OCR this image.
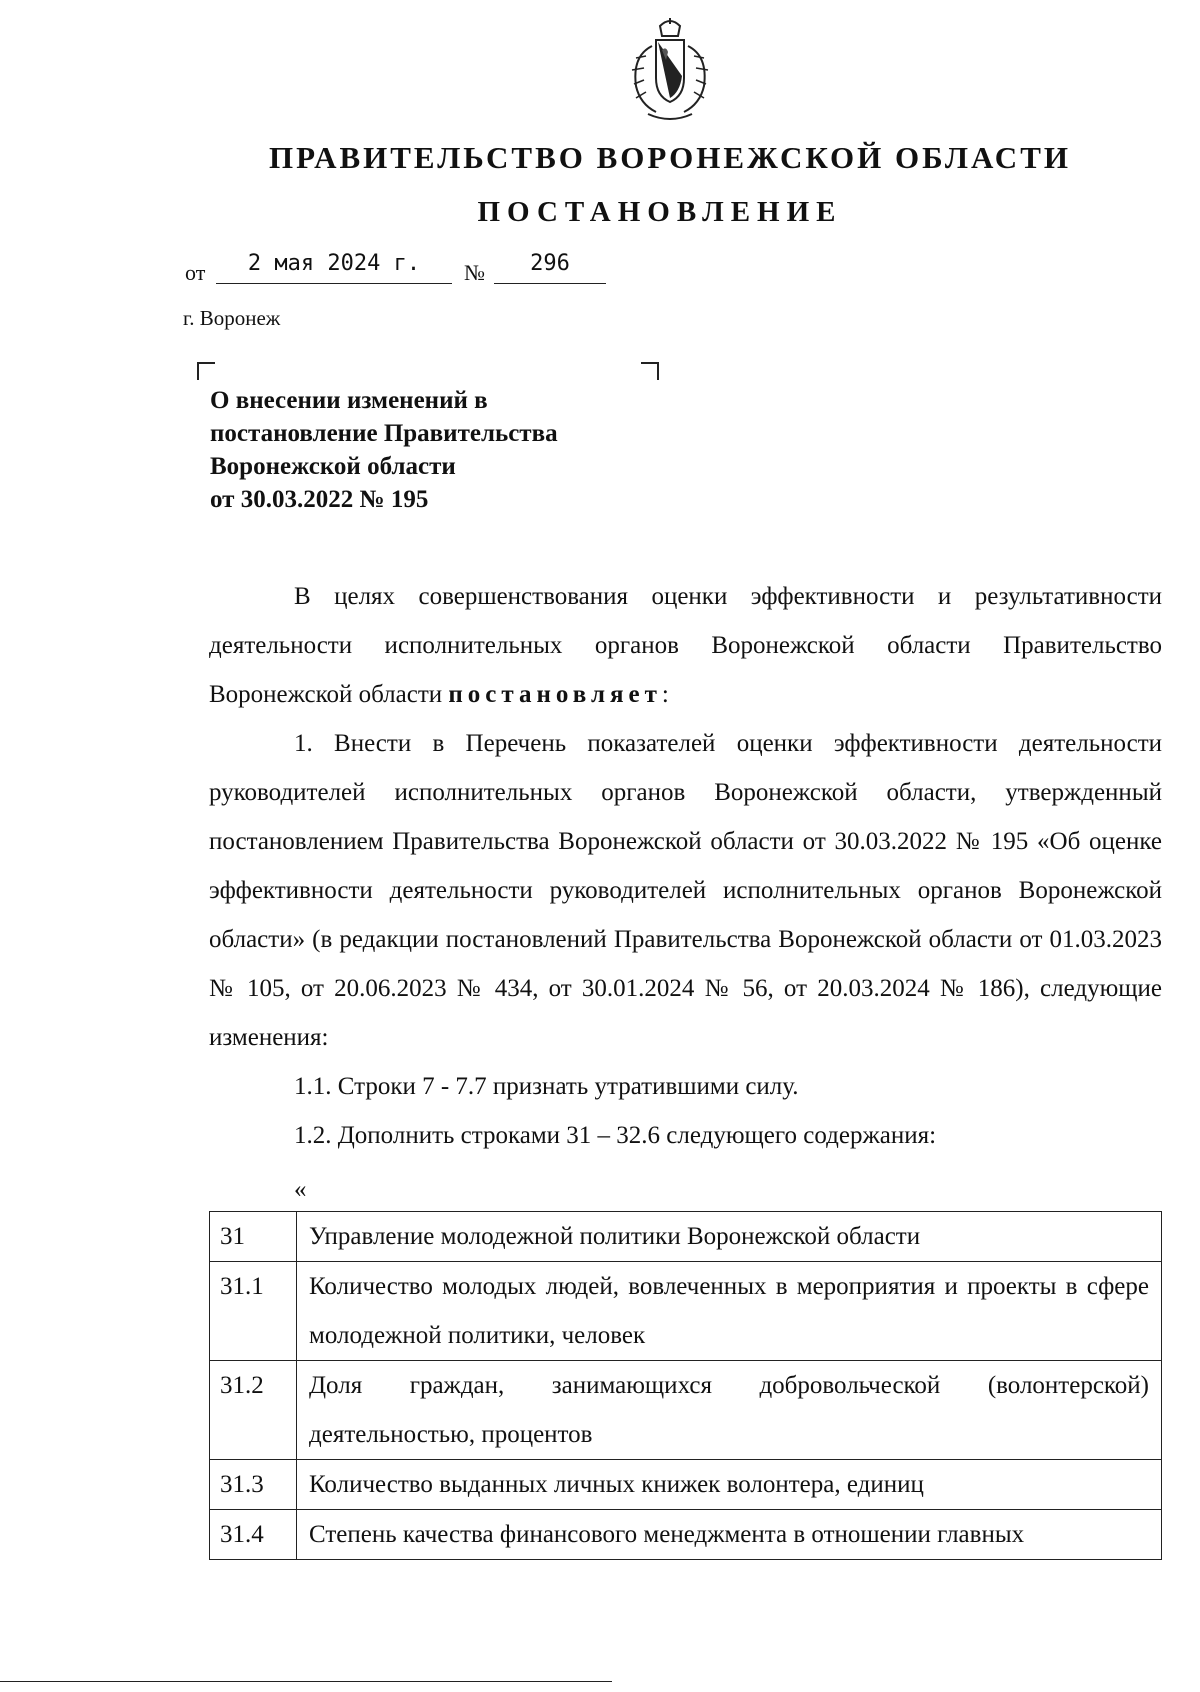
ПРАВИТЕЛЬСТВО ВОРОНЕЖСКОЙ ОБЛАСТИ
ПОСТАНОВЛЕНИЕ
от	2 мая 2024 г.	№	296
г. Воронеж
О внесении изменений в
постановление Правительства
Воронежской области
от 30.03.2022 № 195

В целях совершенствования оценки эффективности и результативности деятельности исполнительных органов Воронежской области Правительство Воронежской области постановляет:

1. Внести в Перечень показателей оценки эффективности деятельности руководителей исполнительных органов Воронежской области, утвержденный постановлением Правительства Воронежской области от 30.03.2022 № 195 «Об оценке эффективности деятельности руководителей исполнительных органов Воронежской области» (в редакции постановлений Правительства Воронежской области от 01.03.2023 № 105, от 20.06.2023 № 434, от 30.01.2024 № 56, от 20.03.2024 № 186), следующие изменения:

1.1. Строки 7 - 7.7 признать утратившими силу.

1.2. Дополнить строками 31 – 32.6 следующего содержания:

«
31	Управление молодежной политики Воронежской области
31.1	Количество молодых людей, вовлеченных в мероприятия и проекты в сфере молодежной политики, человек
31.2	Доля граждан, занимающихся добровольческой (волонтерской) деятельностью, процентов
31.3	Количество выданных личных книжек волонтера, единиц
31.4	Степень качества финансового менеджмента в отношении главных
